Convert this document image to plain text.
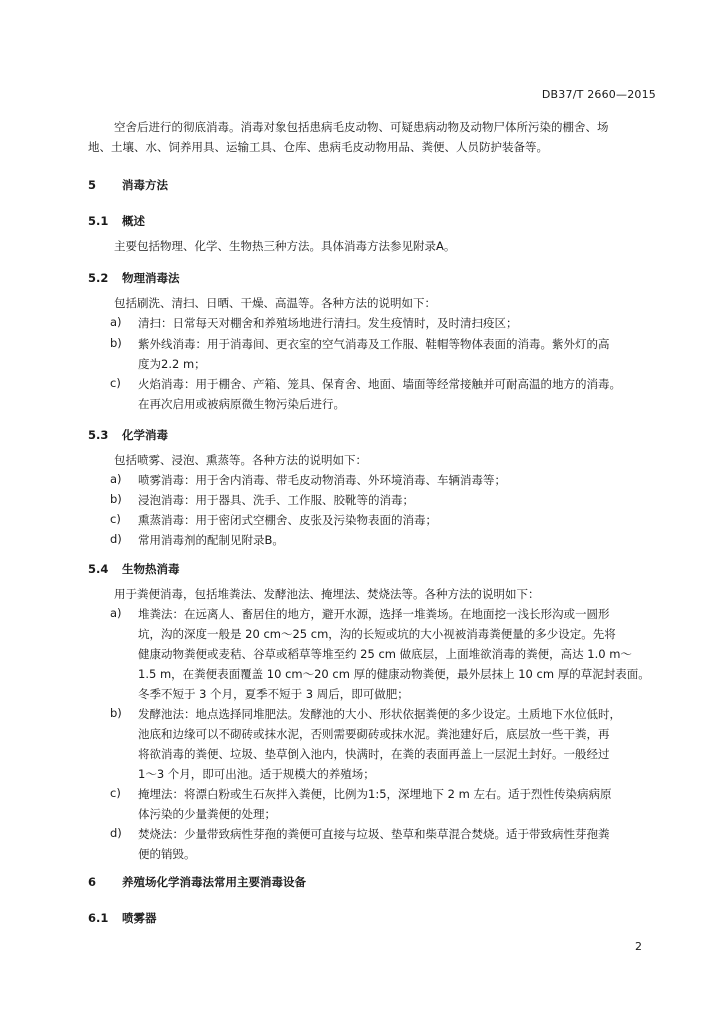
DB37/T 2660—2015
空舍后进行的彻底消毒。消毒对象包括患病毛皮动物、可疑患病动物及动物尸体所污染的棚舍、场
地、土壤、水、饲养用具、运输工具、仓库、患病毛皮动物用品、粪便、人员防护装备等。
5 消毒方法
5.1 概述
主要包括物理、化学、生物热三种方法。具体消毒方法参见附录A。
5.2 物理消毒法
包括刷洗、清扫、日晒、干燥、高温等。各种方法的说明如下：
a) 清扫：日常每天对棚舍和养殖场地进行清扫。发生疫情时，及时清扫疫区；
b) 紫外线消毒：用于消毒间、更衣室的空气消毒及工作服、鞋帽等物体表面的消毒。紫外灯的高
度为2.2 m；
c) 火焰消毒：用于棚舍、产箱、笼具、保育舍、地面、墙面等经常接触并可耐高温的地方的消毒。
在再次启用或被病原微生物污染后进行。
5.3 化学消毒
包括喷雾、浸泡、熏蒸等。各种方法的说明如下：
a) 喷雾消毒：用于舍内消毒、带毛皮动物消毒、外环境消毒、车辆消毒等；
b) 浸泡消毒：用于器具、洗手、工作服、胶靴等的消毒；
c) 熏蒸消毒：用于密闭式空棚舍、皮张及污染物表面的消毒；
d) 常用消毒剂的配制见附录B。
5.4 生物热消毒
用于粪便消毒，包括堆粪法、发酵池法、掩埋法、焚烧法等。各种方法的说明如下：
a) 堆粪法：在远离人、畜居住的地方，避开水源，选择一堆粪场。在地面挖一浅长形沟或一圆形
坑，沟的深度一般是 20 cm～25 cm，沟的长短或坑的大小视被消毒粪便量的多少设定。先将
健康动物粪便或麦秸、谷草或稻草等堆至约 25 cm 做底层，上面堆欲消毒的粪便，高达 1.0 m～
1.5 m，在粪便表面覆盖 10 cm～20 cm 厚的健康动物粪便，最外层抹上 10 cm 厚的草泥封表面。
冬季不短于 3 个月，夏季不短于 3 周后，即可做肥；
b) 发酵池法：地点选择同堆肥法。发酵池的大小、形状依据粪便的多少设定。土质地下水位低时，
池底和边缘可以不砌砖或抹水泥，否则需要砌砖或抹水泥。粪池建好后，底层放一些干粪，再
将欲消毒的粪便、垃圾、垫草倒入池内，快满时，在粪的表面再盖上一层泥土封好。一般经过
1～3 个月，即可出池。适于规模大的养殖场；
c) 掩埋法：将漂白粉或生石灰拌入粪便，比例为1:5，深埋地下 2 m 左右。适于烈性传染病病原
体污染的少量粪便的处理；
d) 焚烧法：少量带致病性芽孢的粪便可直接与垃圾、垫草和柴草混合焚烧。适于带致病性芽孢粪
便的销毁。
6 养殖场化学消毒法常用主要消毒设备
6.1 喷雾器
2
